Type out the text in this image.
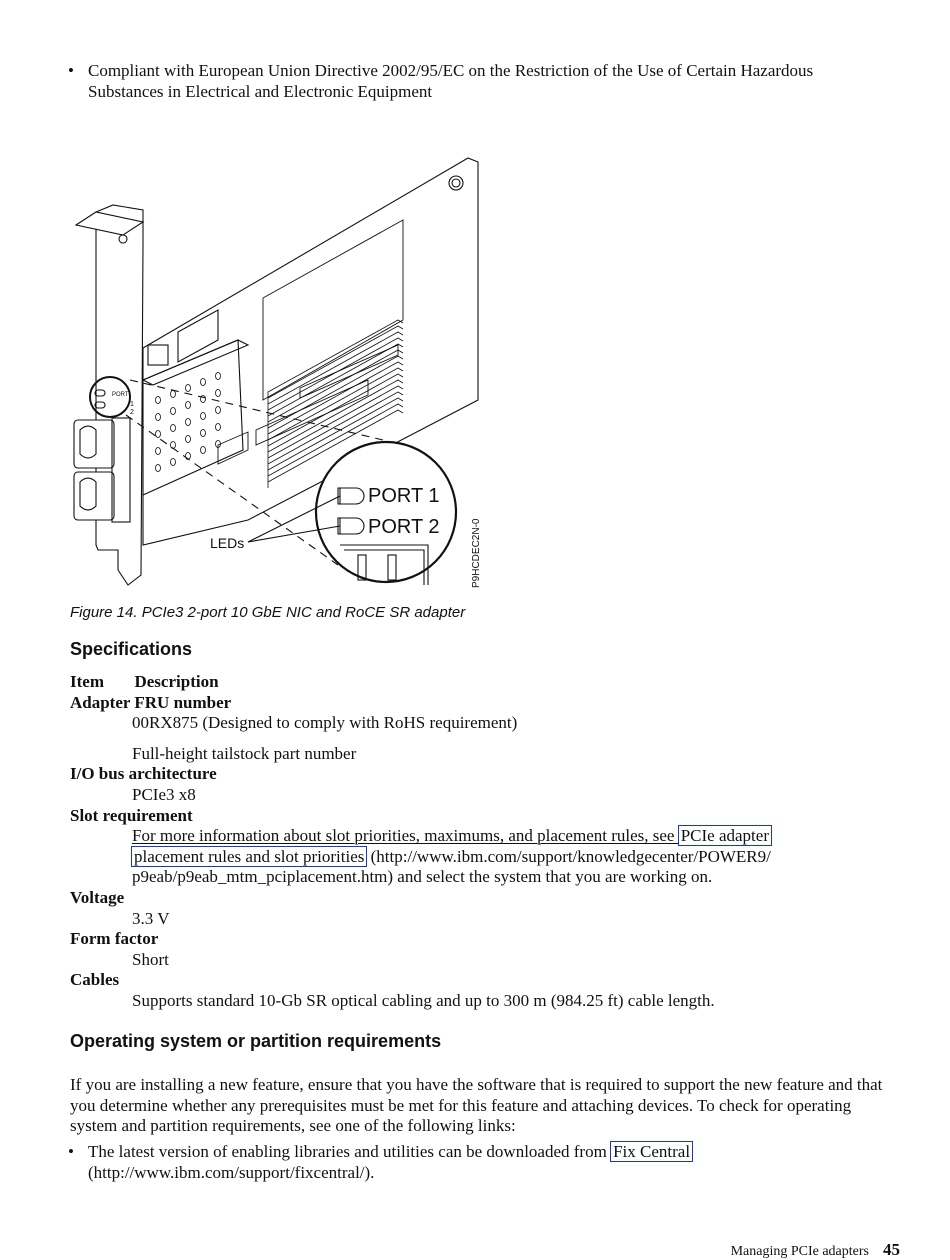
• Compliant with European Union Directive 2002/95/EC on the Restriction of the Use of Certain Hazardous Substances in Electrical and Electronic Equipment
PORT 1
PORT 2
LEDs	P9HCDEC2N-0
PORT
1
2
Figure 14. PCIe3 2-port 10 GbE NIC and RoCE SR adapter
Specifications
Item Description
Adapter FRU number
00RX875 (Designed to comply with RoHS requirement)
Full-height tailstock part number
I/O bus architecture
PCIe3 x8
Slot requirement
For more information about slot priorities, maximums, and placement rules, see PCIe adapter
placement rules and slot priorities (http://www.ibm.com/support/knowledgecenter/POWER9/
p9eab/p9eab_mtm_pciplacement.htm) and select the system that you are working on.
Voltage
3.3 V
Form factor
Short
Cables
Supports standard 10-Gb SR optical cabling and up to 300 m (984.25 ft) cable length.
Operating system or partition requirements
If you are installing a new feature, ensure that you have the software that is required to support the new feature and that you determine whether any prerequisites must be met for this feature and attaching devices. To check for operating system and partition requirements, see one of the following links:
• The latest version of enabling libraries and utilities can be downloaded from Fix Central
(http://www.ibm.com/support/fixcentral/).
Managing PCIe adapters 45
